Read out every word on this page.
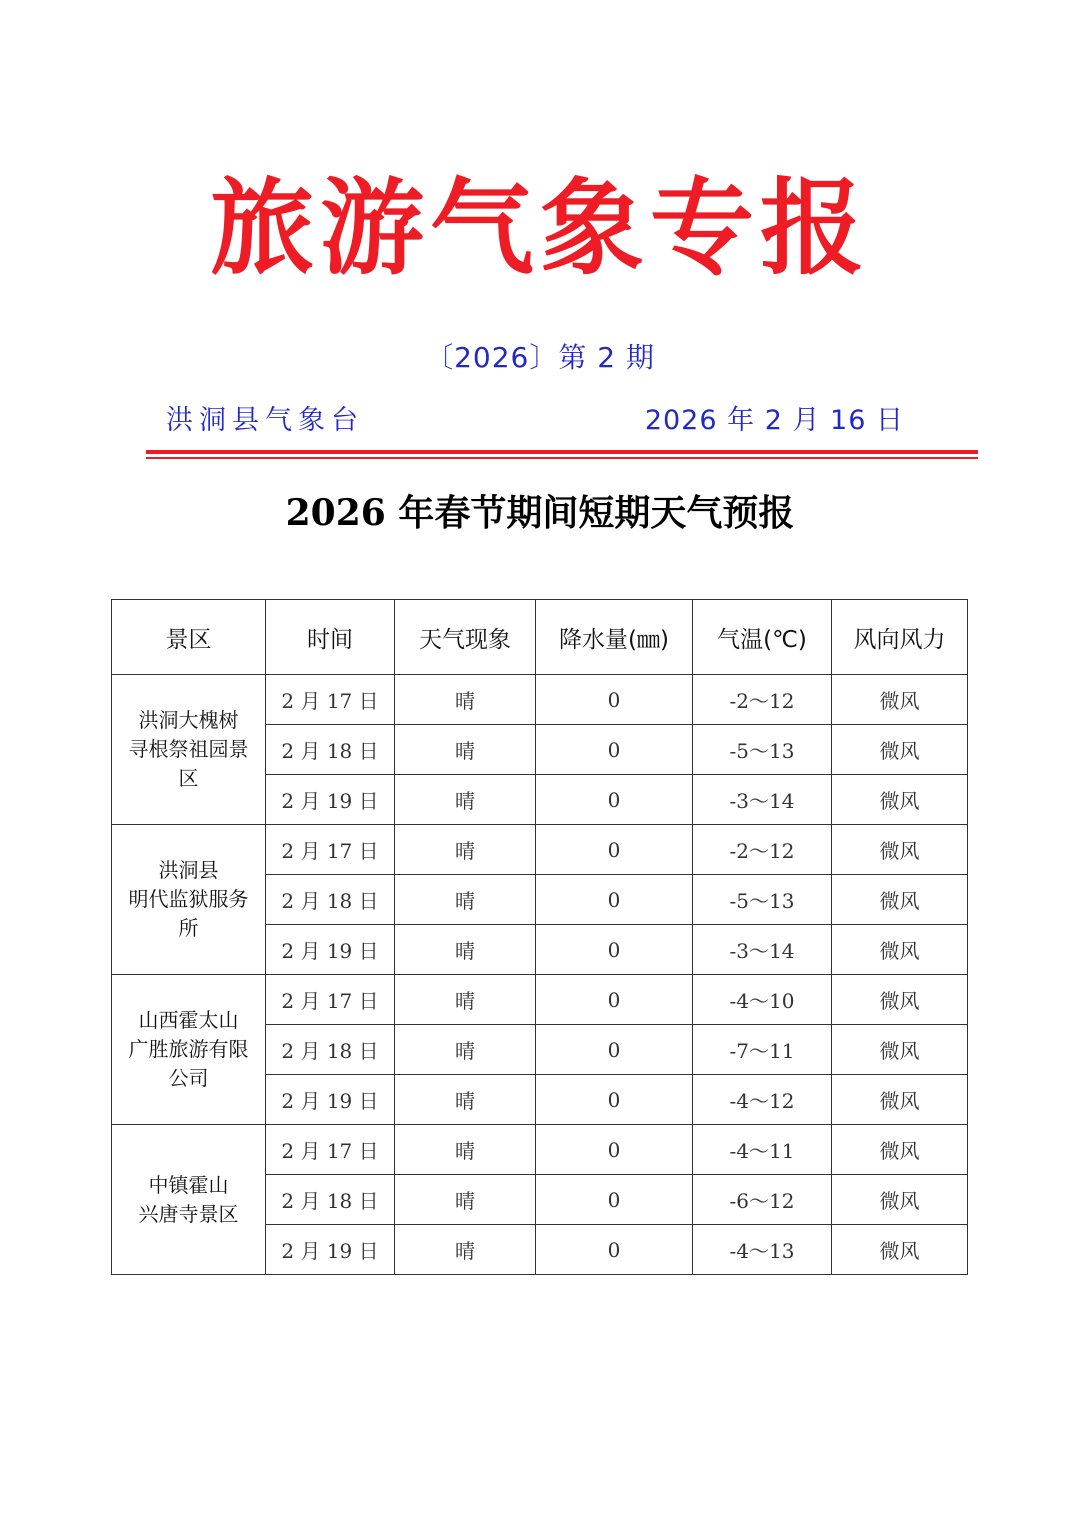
旅游气象专报
〔2026〕第 2 期
洪洞县气象台	2026 年 2 月 16 日
2026 年春节期间短期天气预报
景区	时间	天气现象	降水量(㎜)	气温(℃)	风向风力

洪洞大槐树
寻根祭祖园景
区	2 月 17 日	晴	0	-2～12	微风
	2 月 18 日	晴	0	-5～13	微风
	2 月 19 日	晴	0	-3～14	微风

洪洞县
明代监狱服务
所	2 月 17 日	晴	0	-2～12	微风
	2 月 18 日	晴	0	-5～13	微风
	2 月 19 日	晴	0	-3～14	微风

山西霍太山
广胜旅游有限
公司	2 月 17 日	晴	0	-4～10	微风
	2 月 18 日	晴	0	-7～11	微风
	2 月 19 日	晴	0	-4～12	微风

中镇霍山
兴唐寺景区	2 月 17 日	晴	0	-4～11	微风
	2 月 18 日	晴	0	-6～12	微风
	2 月 19 日	晴	0	-4～13	微风
